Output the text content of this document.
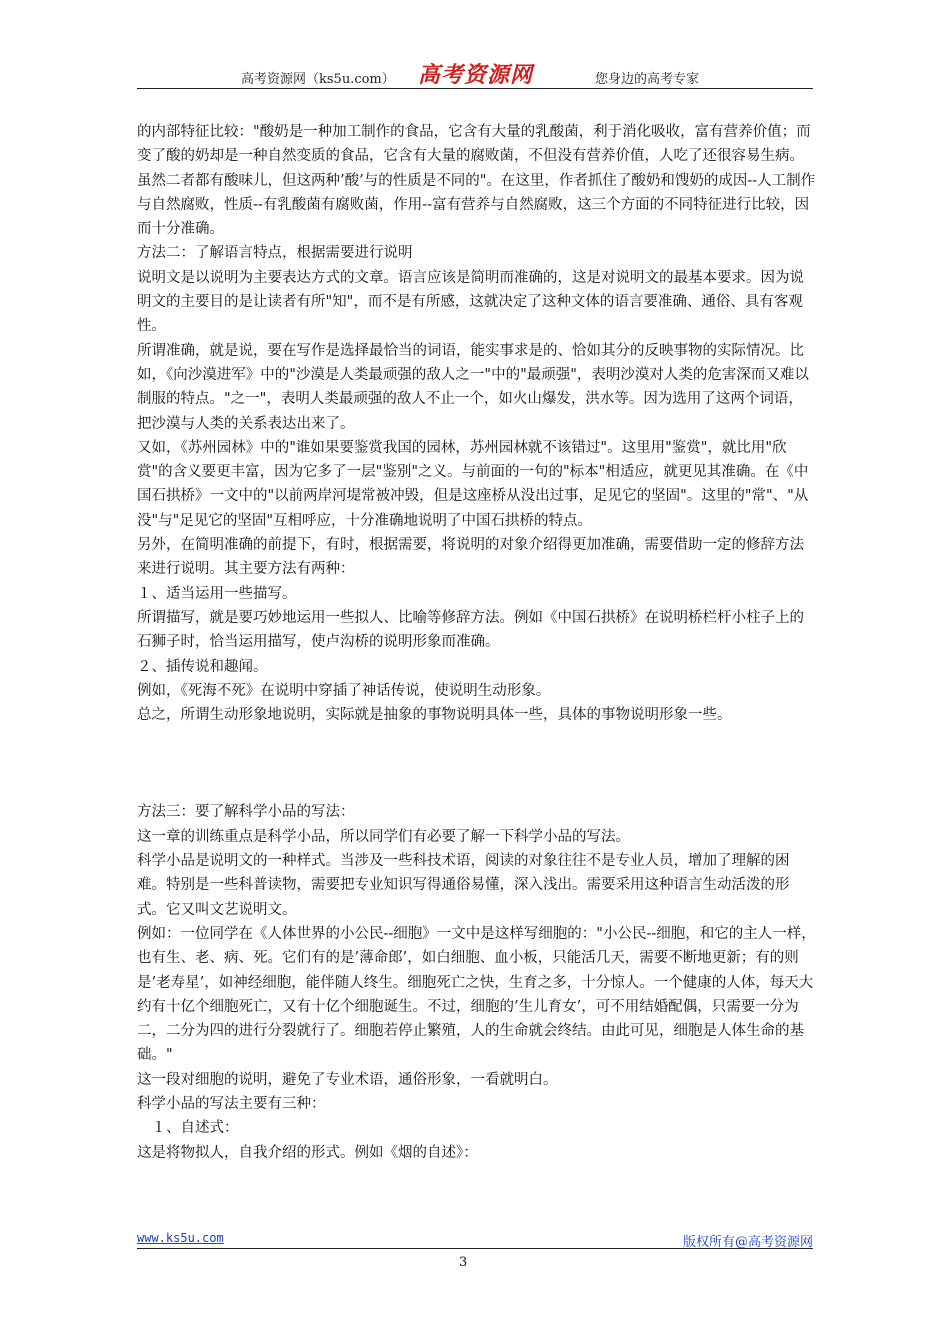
高考资源网（ks5u.com） 高考资源网	您身边的高考专家

的内部特征比较："酸奶是一种加工制作的食品，它含有大量的乳酸菌，利于消化吸收，富有营养价值；而变了酸的奶却是一种自然变质的食品，它含有大量的腐败菌，不但没有营养价值，人吃了还很容易生病。虽然二者都有酸味儿，但这两种’酸’与的性质是不同的"。在这里，作者抓住了酸奶和馊奶的成因--人工制作与自然腐败，性质--有乳酸菌有腐败菌，作用--富有营养与自然腐败，这三个方面的不同特征进行比较，因而十分准确。

方法二：了解语言特点，根据需要进行说明

说明文是以说明为主要表达方式的文章。语言应该是简明而准确的，这是对说明文的最基本要求。因为说明文的主要目的是让读者有所"知"，而不是有所感，这就决定了这种文体的语言要准确、通俗、具有客观性。

所谓准确，就是说，要在写作是选择最恰当的词语，能实事求是的、恰如其分的反映事物的实际情况。比如，《向沙漠进军》中的"沙漠是人类最顽强的敌人之一"中的"最顽强"，表明沙漠对人类的危害深而又难以制服的特点。"之一"，表明人类最顽强的敌人不止一个，如火山爆发，洪水等。因为选用了这两个词语，把沙漠与人类的关系表达出来了。

又如，《苏州园林》中的"谁如果要鉴赏我国的园林，苏州园林就不该错过"。这里用"鉴赏"，就比用"欣赏"的含义要更丰富，因为它多了一层"鉴别"之义。与前面的一句的"标本"相适应，就更见其准确。在《中国石拱桥》一文中的"以前两岸河堤常被冲毁，但是这座桥从没出过事，足见它的坚固"。这里的"常"、"从没"与"足见它的坚固"互相呼应，十分准确地说明了中国石拱桥的特点。

另外，在简明准确的前提下，有时，根据需要，将说明的对象介绍得更加准确，需要借助一定的修辞方法来进行说明。其主要方法有两种：

１、适当运用一些描写。

所谓描写，就是要巧妙地运用一些拟人、比喻等修辞方法。例如《中国石拱桥》在说明桥栏杆小柱子上的石狮子时，恰当运用描写，使卢沟桥的说明形象而准确。

２、插传说和趣闻。

例如，《死海不死》在说明中穿插了神话传说，使说明生动形象。

总之，所谓生动形象地说明，实际就是抽象的事物说明具体一些，具体的事物说明形象一些。

方法三：要了解科学小品的写法：

这一章的训练重点是科学小品，所以同学们有必要了解一下科学小品的写法。

科学小品是说明文的一种样式。当涉及一些科技术语，阅读的对象往往不是专业人员，增加了理解的困难。特别是一些科普读物，需要把专业知识写得通俗易懂，深入浅出。需要采用这种语言生动活泼的形式。它又叫文艺说明文。

例如：一位同学在《人体世界的小公民--细胞》一文中是这样写细胞的："小公民--细胞，和它的主人一样，也有生、老、病、死。它们有的是’薄命郎’，如白细胞、血小板，只能活几天，需要不断地更新；有的则是’老寿星’，如神经细胞，能伴随人终生。细胞死亡之快，生育之多，十分惊人。一个健康的人体，每天大约有十亿个细胞死亡，又有十亿个细胞诞生。不过，细胞的’生儿育女’，可不用结婚配偶，只需要一分为二，二分为四的进行分裂就行了。细胞若停止繁殖，人的生命就会终结。由此可见，细胞是人体生命的基础。"

这一段对细胞的说明，避免了专业术语，通俗形象，一看就明白。

科学小品的写法主要有三种：

　１、自述式：

这是将物拟人，自我介绍的形式。例如《烟的自述》：

www.ks5u.com
3
版权所有@高考资源网
